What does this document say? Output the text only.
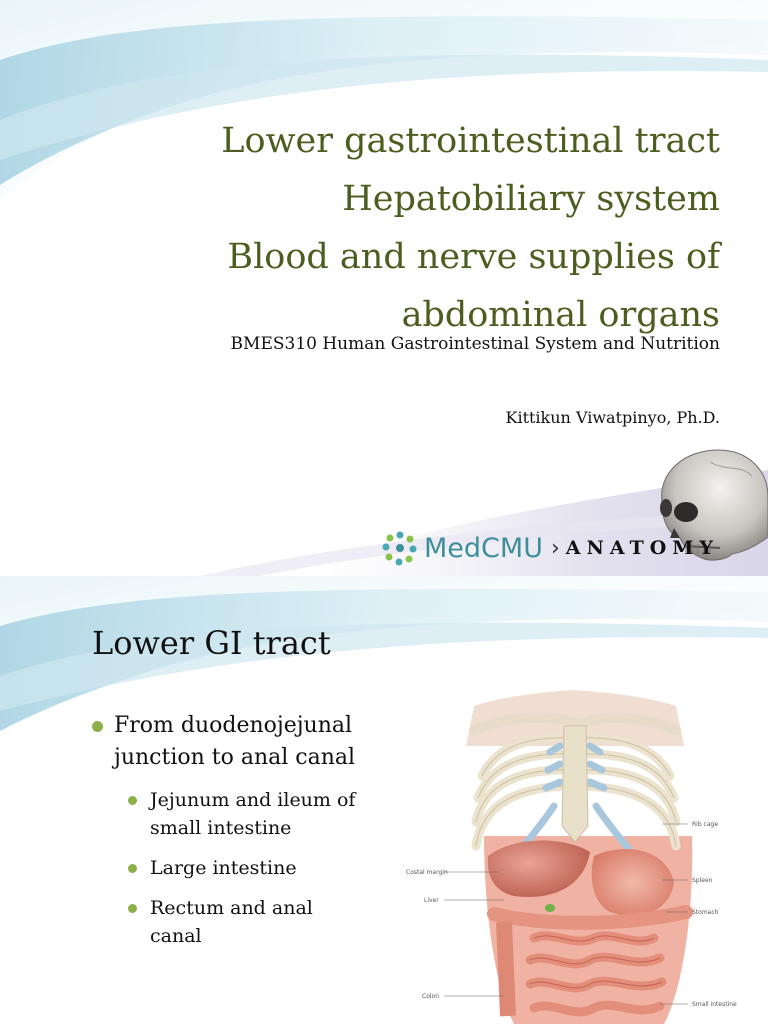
Lower gastrointestinal tract
Hepatobiliary system
Blood and nerve supplies of
abdominal organs
BMES310 Human Gastrointestinal System and Nutrition
Kittikun Viwatpinyo, Ph.D.
MedCMU › ANATOMY
Lower GI tract
From duodenojejunal
junction to anal canal
Jejunum and ileum of
small intestine
Large intestine
Rectum and anal
canal
Rib cage
Costal margin
Spleen
Liver
Stomach
Colon
Small intestine
